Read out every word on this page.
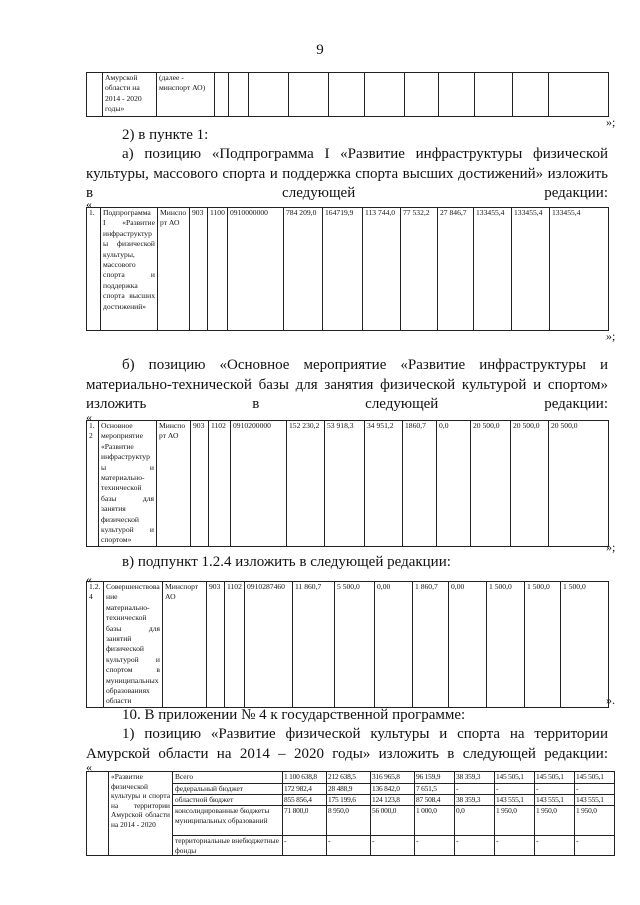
9
	Амурской области на 2014 - 2020 годы»	(далее - минспорт АО)											
»;
2) в пункте 1:
а) позицию «Подпрограмма I «Развитие инфраструктуры физической культуры, массового спорта и поддержка спорта высших достижений» изложить в следующей редакции:
«
1.	Подпрограмма I «Развитие инфраструктуры физической культуры, массового спорта и поддержка спорта высших достижений»	Минспорт АО	903	1100	0910000000	784 209,0	164719,9	113 744,0	77 532,2	27 846,7	133455,4	133455,4	133455,4
»;
б) позицию «Основное мероприятие «Развитие инфраструктуры и материально-технической базы для занятия физической культурой и спортом» изложить в следующей редакции:
«
1.2	Основное мероприятие «Развитие инфраструктуры и материально-технической базы для занятия физической культурой и спортом»	Минспорт АО	903	1102	0910200000	152 230,2	53 918,3	34 951,2	1860,7	0,0	20 500,0	20 500,0	20 500,0
»;
в) подпункт 1.2.4 изложить в следующей редакции:
«
1.2.4	Совершенствование материально-технической базы для занятий физической культурой и спортом в муниципальных образованиях области	Минспорт АО	903	1102	0910287460	11 860,7	5 500,0	0,00	1 860,7	0,00	1 500,0	1 500,0	1 500,0
».
10. В приложении № 4 к государственной программе:
1) позицию «Развитие физической культуры и спорта на территории Амурской области на 2014 – 2020 годы» изложить в следующей редакции:
«
	«Развитие физической культуры и спорта на территории Амурской области на 2014 - 2020	Всего	1 100 638,8	212 638,5	316 965,8	96 159,9	38 359,3	145 505,1	145 505,1	145 505,1
		федеральный бюджет	172 982,4	28 488,9	136 842,0	7 651,5	-	-	-	-
		областной бюджет	855 856,4	175 199,6	124 123,8	87 508,4	38 359,3	143 555,1	143 555,1	143 555,1
		консолидированные бюджеты муниципальных образований	71 800,0	8 950,0	56 000,0	1 000,0	0,0	1 950,0	1 950,0	1 950,0
		территориальные внебюджетные фонды	-	-	-	-	-	-	-	-
